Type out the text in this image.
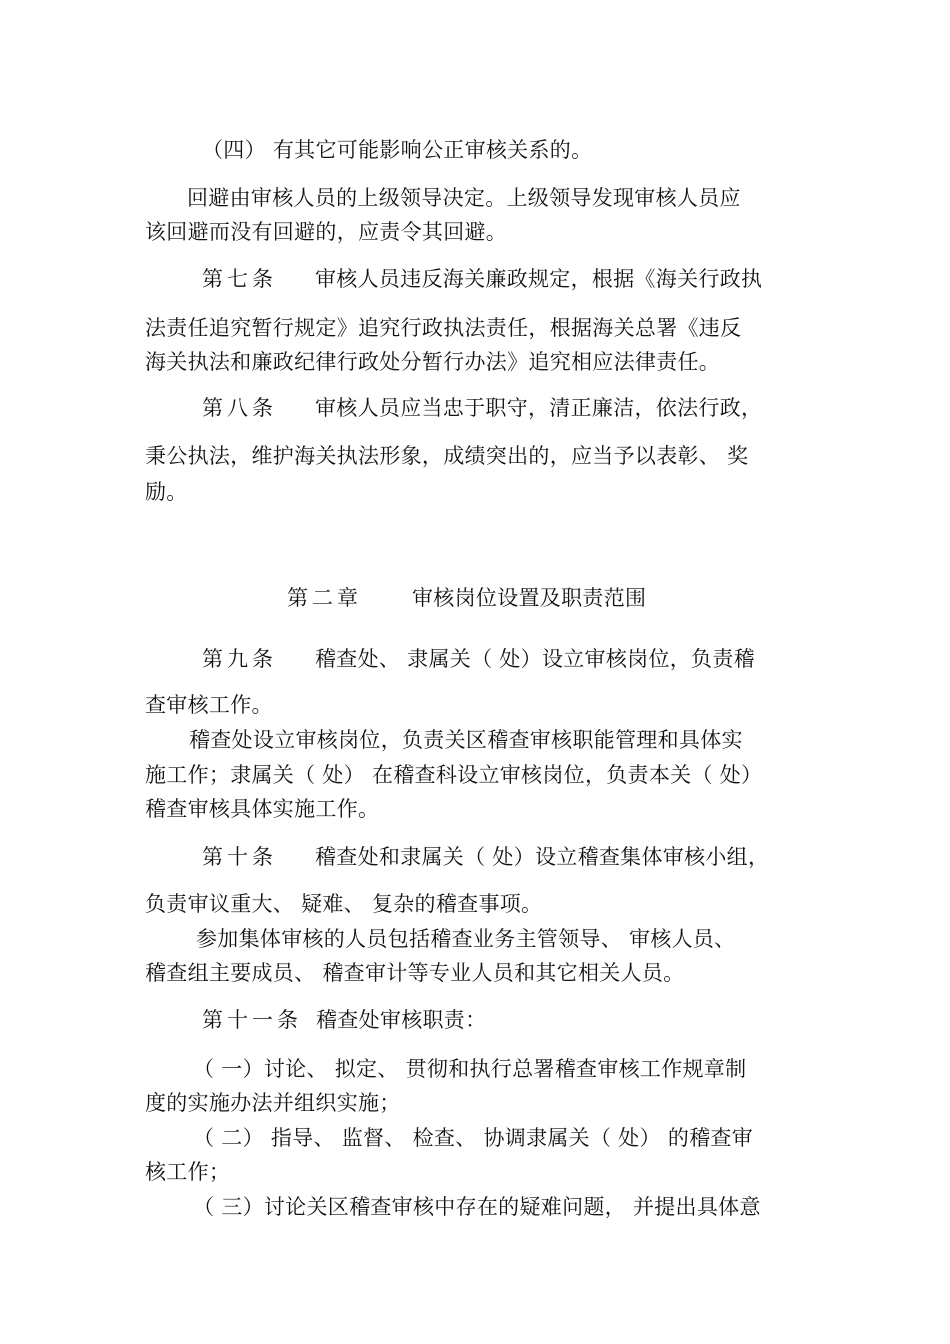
（四） 有其它可能影响公正审核关系的。
回避由审核人员的上级领导决定。上级领导发现审核人员应
该回避而没有回避的，应责令其回避。
第七条 审核人员违反海关廉政规定，根据《海关行政执
法责任追究暂行规定》追究行政执法责任，根据海关总署《违反
海关执法和廉政纪律行政处分暂行办法》追究相应法律责任。
第八条 审核人员应当忠于职守，清正廉洁，依法行政，
秉公执法，维护海关执法形象，成绩突出的，应当予以表彰、 奖
励。
第二章 审核岗位设置及职责范围
第九条 稽查处、 隶属关（ 处）设立审核岗位，负责稽
查审核工作。
稽查处设立审核岗位，负责关区稽查审核职能管理和具体实
施工作；隶属关（ 处） 在稽查科设立审核岗位，负责本关（ 处）
稽查审核具体实施工作。
第十条 稽查处和隶属关（ 处）设立稽查集体审核小组，
负责审议重大、 疑难、 复杂的稽查事项。
参加集体审核的人员包括稽查业务主管领导、 审核人员、
稽查组主要成员、 稽查审计等专业人员和其它相关人员。
第十一条 稽查处审核职责：
（ 一）讨论、 拟定、 贯彻和执行总署稽查审核工作规章制
度的实施办法并组织实施；
（ 二） 指导、 监督、 检查、 协调隶属关（ 处） 的稽查审
核工作；
（ 三）讨论关区稽查审核中存在的疑难问题， 并提出具体意
